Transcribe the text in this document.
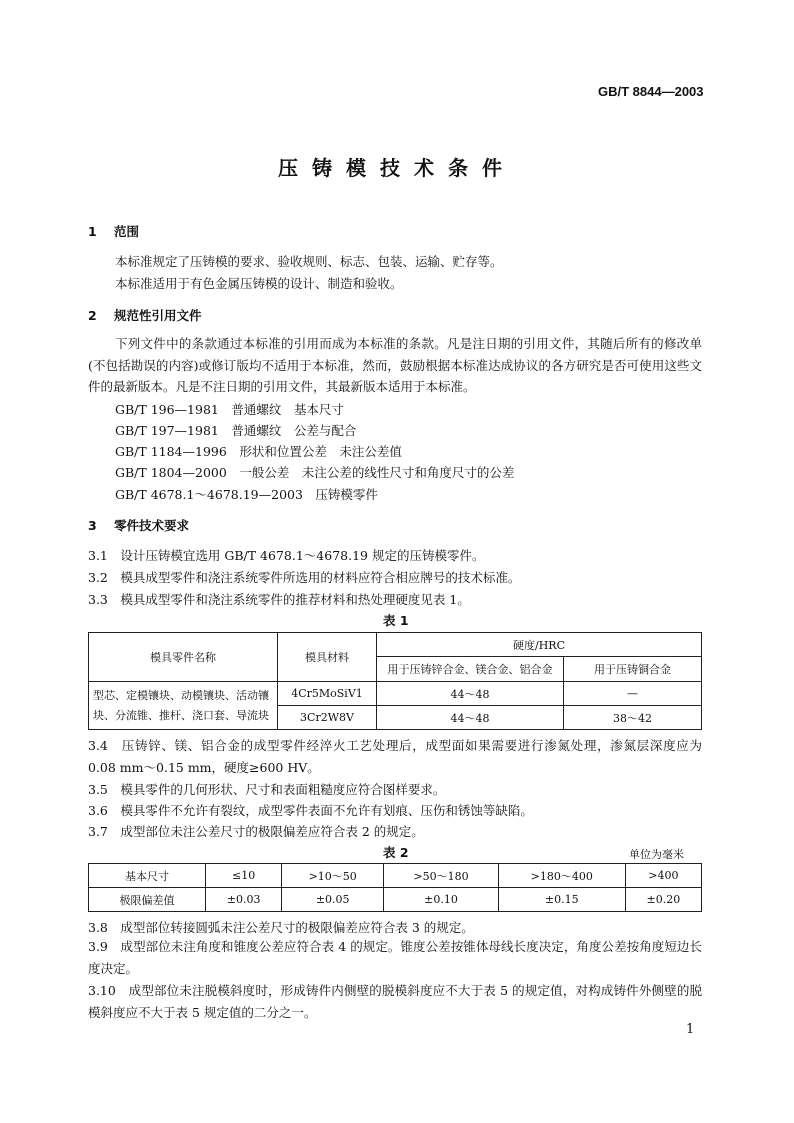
GB/T 8844—2003
压铸模技术条件
1 范围
本标准规定了压铸模的要求、验收规则、标志、包装、运输、贮存等。
本标准适用于有色金属压铸模的设计、制造和验收。
2 规范性引用文件
下列文件中的条款通过本标准的引用而成为本标准的条款。凡是注日期的引用文件，其随后所有的修改单(不包括勘误的内容)或修订版均不适用于本标准，然而，鼓励根据本标准达成协议的各方研究是否可使用这些文件的最新版本。凡是不注日期的引用文件，其最新版本适用于本标准。
GB/T 196—1981　普通螺纹　基本尺寸
GB/T 197—1981　普通螺纹　公差与配合
GB/T 1184—1996　形状和位置公差　未注公差值
GB/T 1804—2000　一般公差　未注公差的线性尺寸和角度尺寸的公差
GB/T 4678.1～4678.19—2003　压铸模零件
3 零件技术要求
3.1　设计压铸模宜选用 GB/T 4678.1～4678.19 规定的压铸模零件。
3.2　模具成型零件和浇注系统零件所选用的材料应符合相应牌号的技术标准。
3.3　模具成型零件和浇注系统零件的推荐材料和热处理硬度见表 1。
表 1
模具零件名称	模具材料	硬度/HRC	
		用于压铸锌合金、镁合金、铝合金	用于压铸铜合金
型芯、定模镶块、动模镶块、活动镶块、分流锥、推杆、浇口套、导流块	4Cr5MoSiV1	44～48	—
	3Cr2W8V	44～48	38～42
3.4　压铸锌、镁、铝合金的成型零件经淬火工艺处理后，成型面如果需要进行渗氮处理，渗氮层深度应为 0.08 mm～0.15 mm，硬度≥600 HV。
3.5　模具零件的几何形状、尺寸和表面粗糙度应符合图样要求。
3.6　模具零件不允许有裂纹，成型零件表面不允许有划痕、压伤和锈蚀等缺陷。
3.7　成型部位未注公差尺寸的极限偏差应符合表 2 的规定。
表 2	单位为毫米
基本尺寸	≤10	>10～50	>50～180	>180～400	>400
极限偏差值	±0.03	±0.05	±0.10	±0.15	±0.20
3.8　成型部位转接圆弧未注公差尺寸的极限偏差应符合表 3 的规定。
3.9　成型部位未注角度和锥度公差应符合表 4 的规定。锥度公差按锥体母线长度决定，角度公差按角度短边长度决定。
3.10　成型部位未注脱模斜度时，形成铸件内侧壁的脱模斜度应不大于表 5 的规定值，对构成铸件外侧壁的脱模斜度应不大于表 5 规定值的二分之一。
1
